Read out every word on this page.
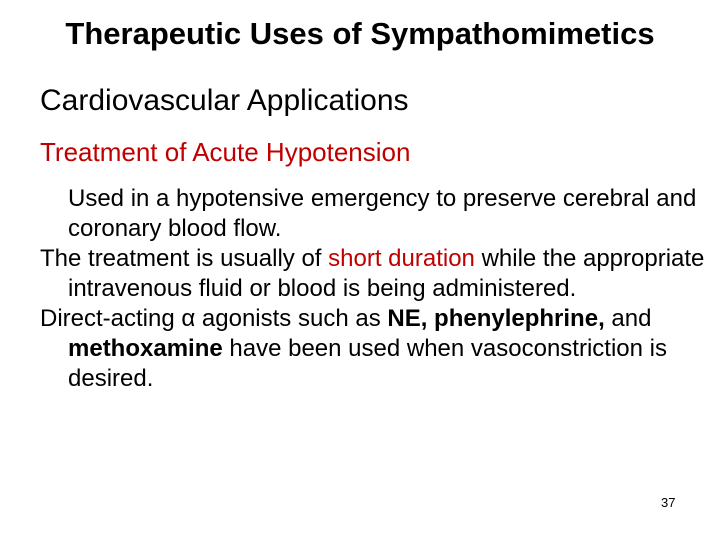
Therapeutic Uses of Sympathomimetics
Cardiovascular Applications
Treatment of Acute Hypotension

Used in a hypotensive emergency to preserve cerebral and coronary blood flow.

The treatment is usually of short duration while the appropriate intravenous fluid or blood is being administered.

Direct-acting α agonists such as NE, phenylephrine, and methoxamine have been used when vasoconstriction is desired.

37
